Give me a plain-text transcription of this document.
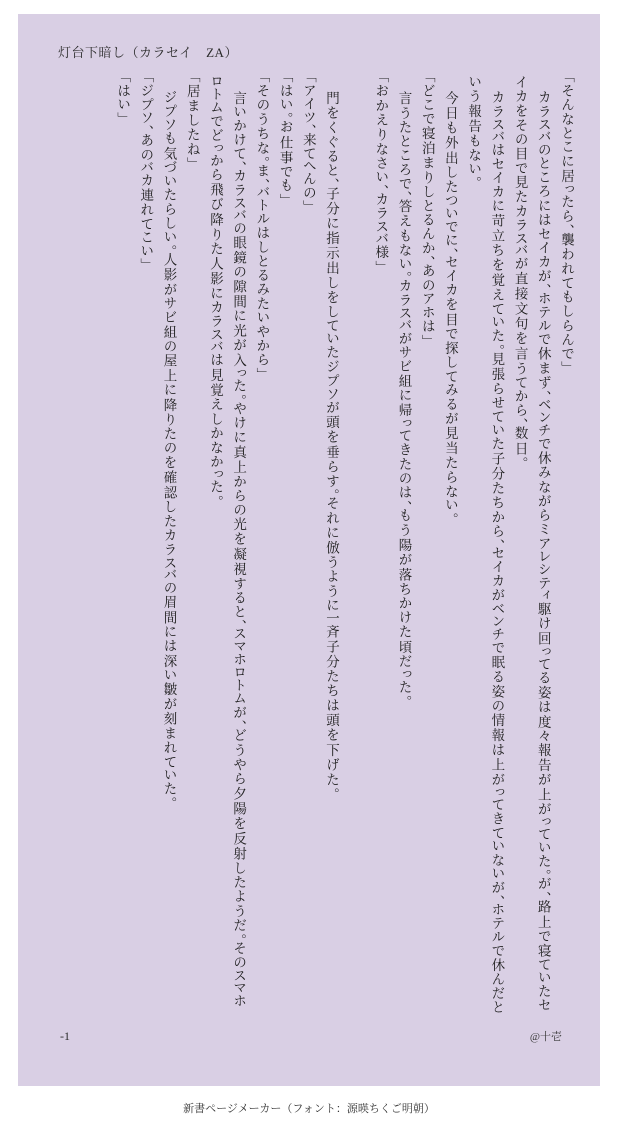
灯台下暗し（カラセイ　ZA）
「そんなとこに居ったら、襲われてもしらんで」
　カラスバのところにはセイカが、ホテルで休まず、ベンチで休みながらミアレシティ駆け回ってる姿は度々報告が上がっていた。が、路上で寝ていたセイカをその目で見たカラスバが直接文句を言うてから、数日。
　カラスバはセイカに苛立ちを覚えていた。見張らせていた子分たちから、セイカがベンチで眠る姿の情報は上がってきていないが、ホテルで休んだという報告もない。
　今日も外出したついでに、セイカを目で探してみるが見当たらない。
「どこで寝泊まりしとるんか、あのアホは」
　言うたところで、答えもない。カラスバがサビ組に帰ってきたのは、もう陽が落ちかけた頃だった。
「おかえりなさい、カラスバ様」
　門をくぐると、子分に指示出しをしていたジプソが頭を垂らす。それに倣うように一斉子分たちは頭を下げた。
「アイツ、来てへんの」
「はい。お仕事でも」
「そのうちな。ま、バトルはしとるみたいやから」
　言いかけて、カラスバの眼鏡の隙間に光が入った。やけに真上からの光を凝視すると、スマホロトムが、どうやら夕陽を反射したようだ。そのスマホロトムでどっから飛び降りた人影にカラスバは見覚えしかなかった。
「居ましたね」
　ジプソも気づいたらしい。人影がサビ組の屋上に降りたのを確認したカラスバの眉間には深い皺が刻まれていた。
「ジプソ、あのバカ連れてこい」
「はい」
-1	@十壱
新書ページメーカー（フォント：源暎ちくご明朝）
